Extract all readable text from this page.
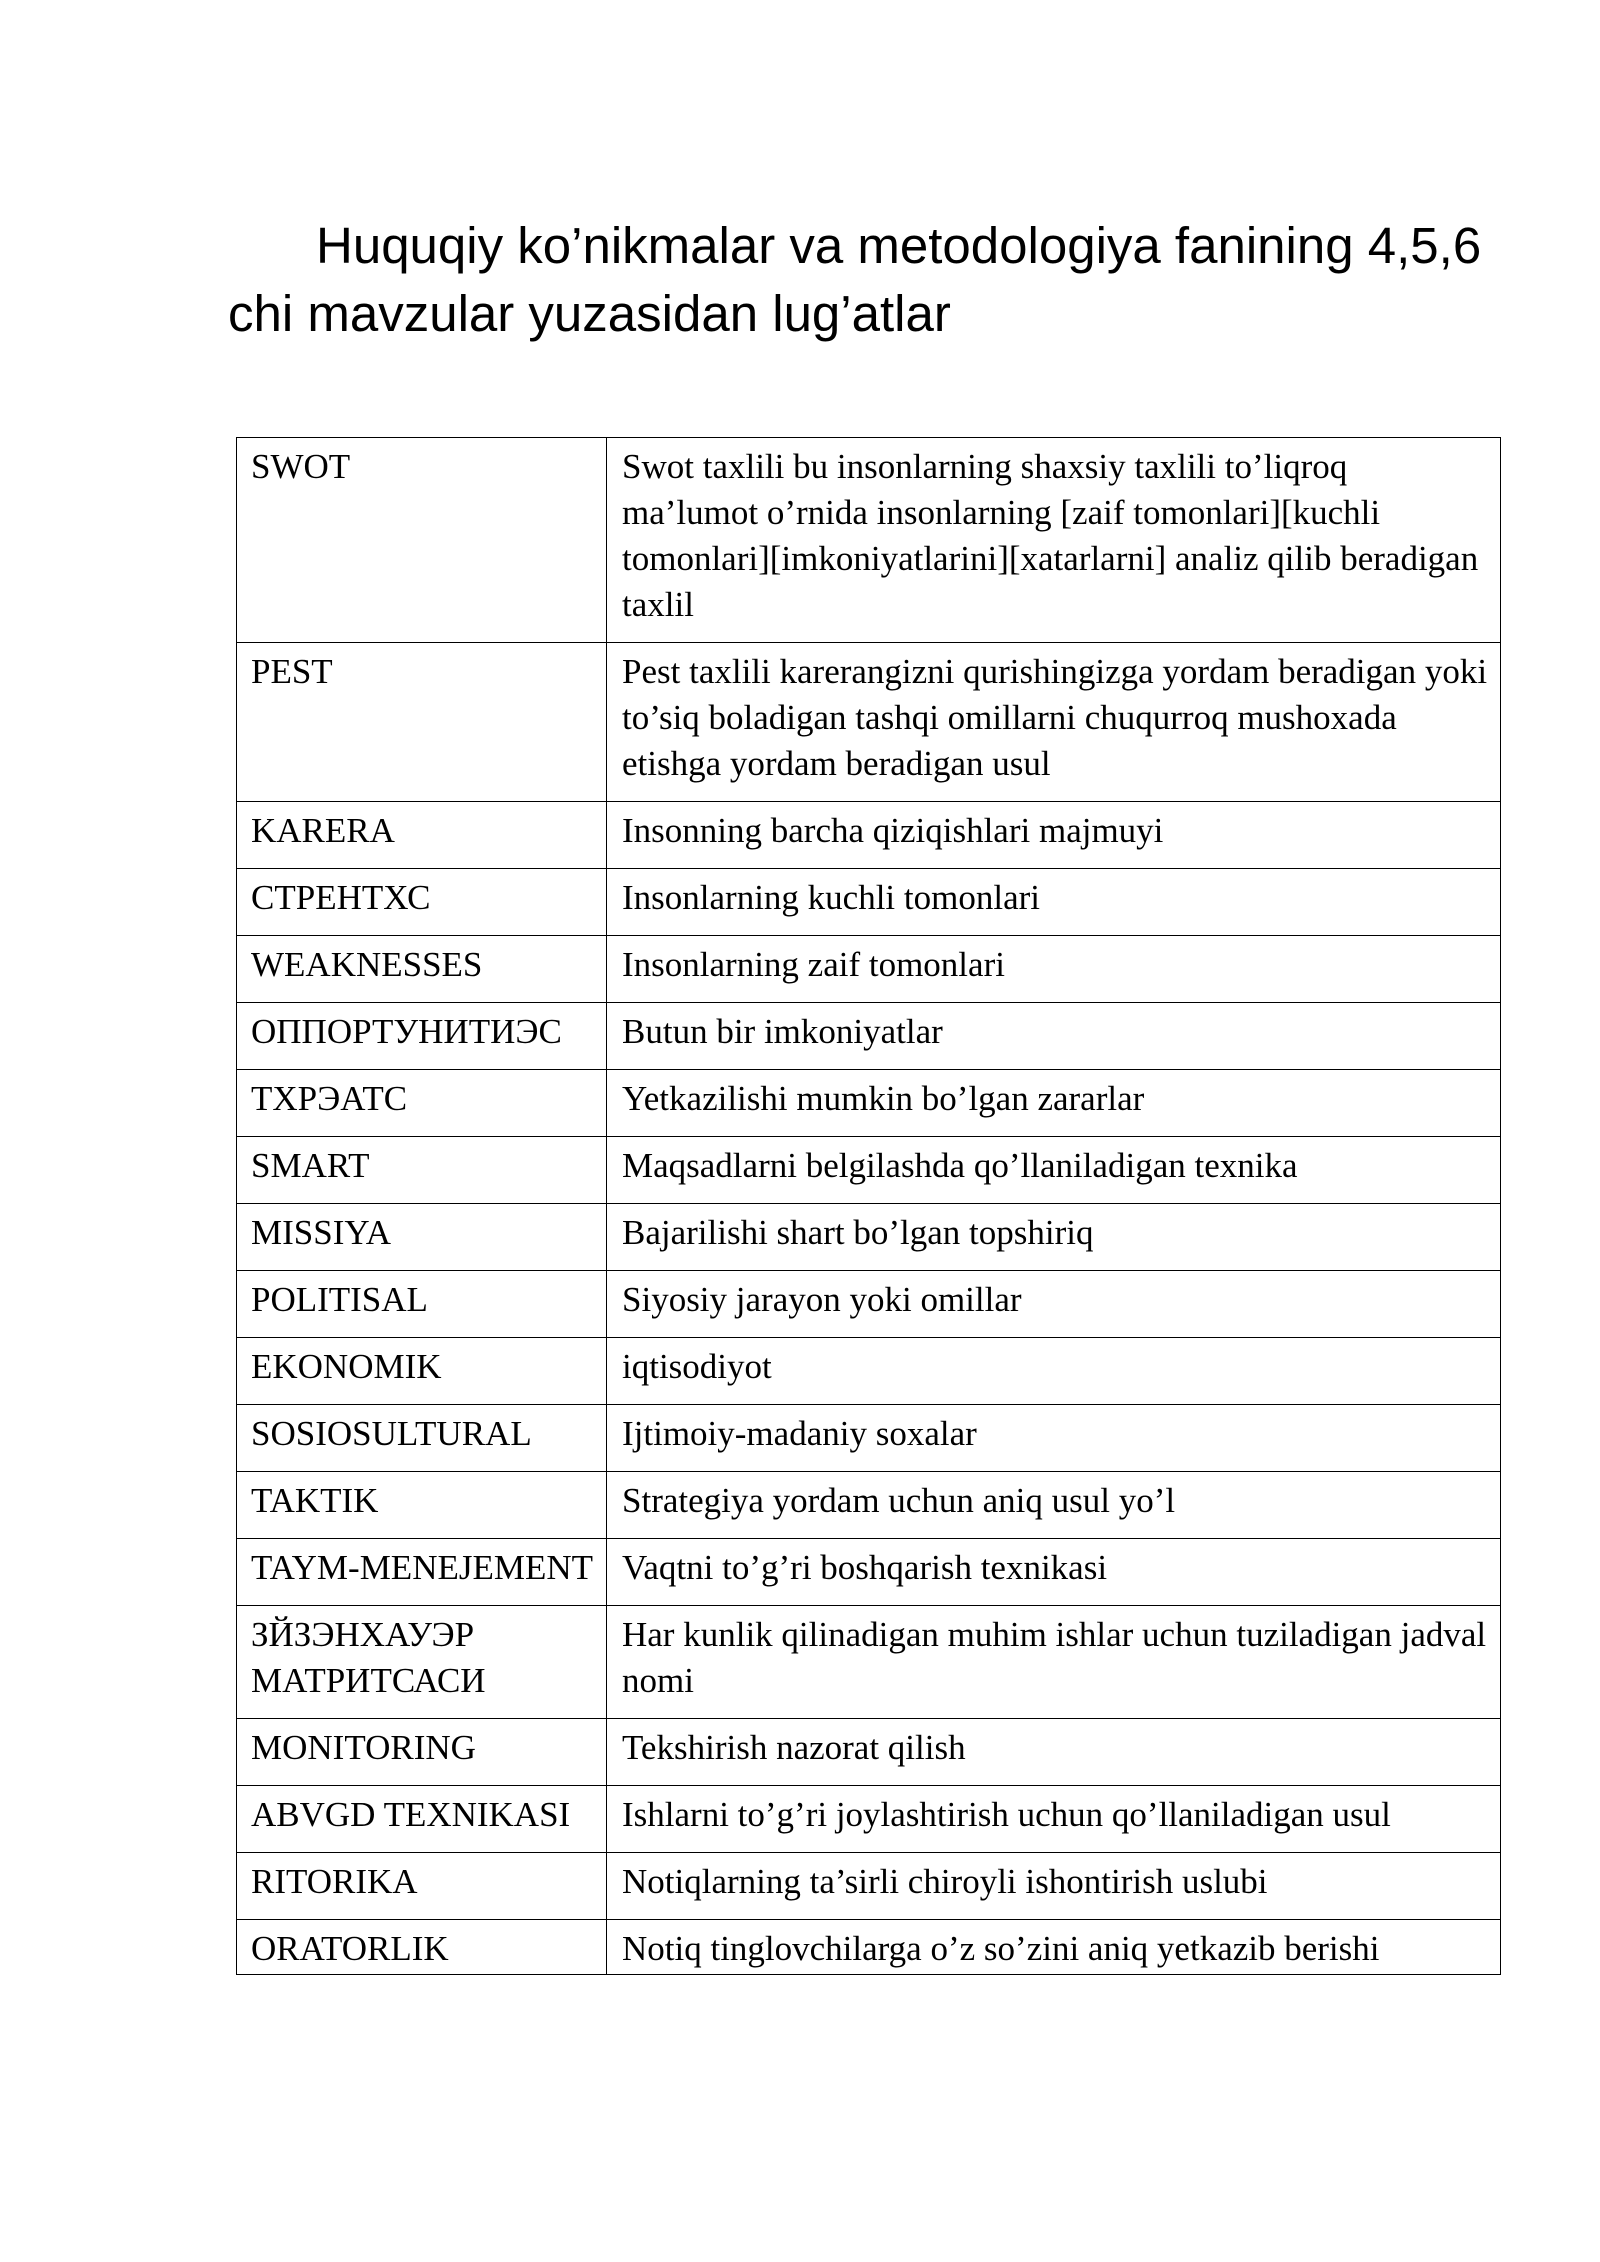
Huquqiy ko’nikmalar va metodologiya fanining 4,5,6 chi mavzular yuzasidan lug’atlar
SWOT	Swot taxlili bu insonlarning shaxsiy taxlili to’liqroq ma’lumot o’rnida insonlarning [zaif tomonlari][kuchli tomonlari][imkoniyatlarini][xatarlarni] analiz qilib beradigan taxlil
PEST	Pest taxlili karerangizni qurishingizga yordam beradigan yoki to’siq boladigan tashqi omillarni chuqurroq mushoxada etishga yordam beradigan usul
KARERA	Insonning barcha qiziqishlari majmuyi
СТРЕНТХС	Insonlarning kuchli tomonlari
WEAKNESSES	Insonlarning zaif tomonlari
ОППОРТУНИТИЭС	Butun bir imkoniyatlar
ТХРЭАТС	Yetkazilishi mumkin bo’lgan zararlar
SMART	Maqsadlarni belgilashda qo’llaniladigan texnika
MISSIYA	Bajarilishi shart bo’lgan topshiriq
POLITISAL	Siyosiy jarayon yoki omillar
EKONOMIK	iqtisodiyot
SOSIOSULTURAL	Ijtimoiy-madaniy soxalar
TAKTIK	Strategiya yordam uchun aniq usul yo’l
TAYM-MENEJEMENT	Vaqtni to’g’ri boshqarish texnikasi
ЗЙЗЭНХАУЭР МАТРИТСАСИ	Har kunlik qilinadigan muhim ishlar uchun tuziladigan jadval nomi
MONITORING	Tekshirish nazorat qilish
ABVGD TEXNIKASI	Ishlarni to’g’ri joylashtirish uchun qo’llaniladigan usul
RITORIKA	Notiqlarning ta’sirli chiroyli ishontirish uslubi
ORATORLIK	Notiq tinglovchilarga o’z so’zini aniq yetkazib berishi
